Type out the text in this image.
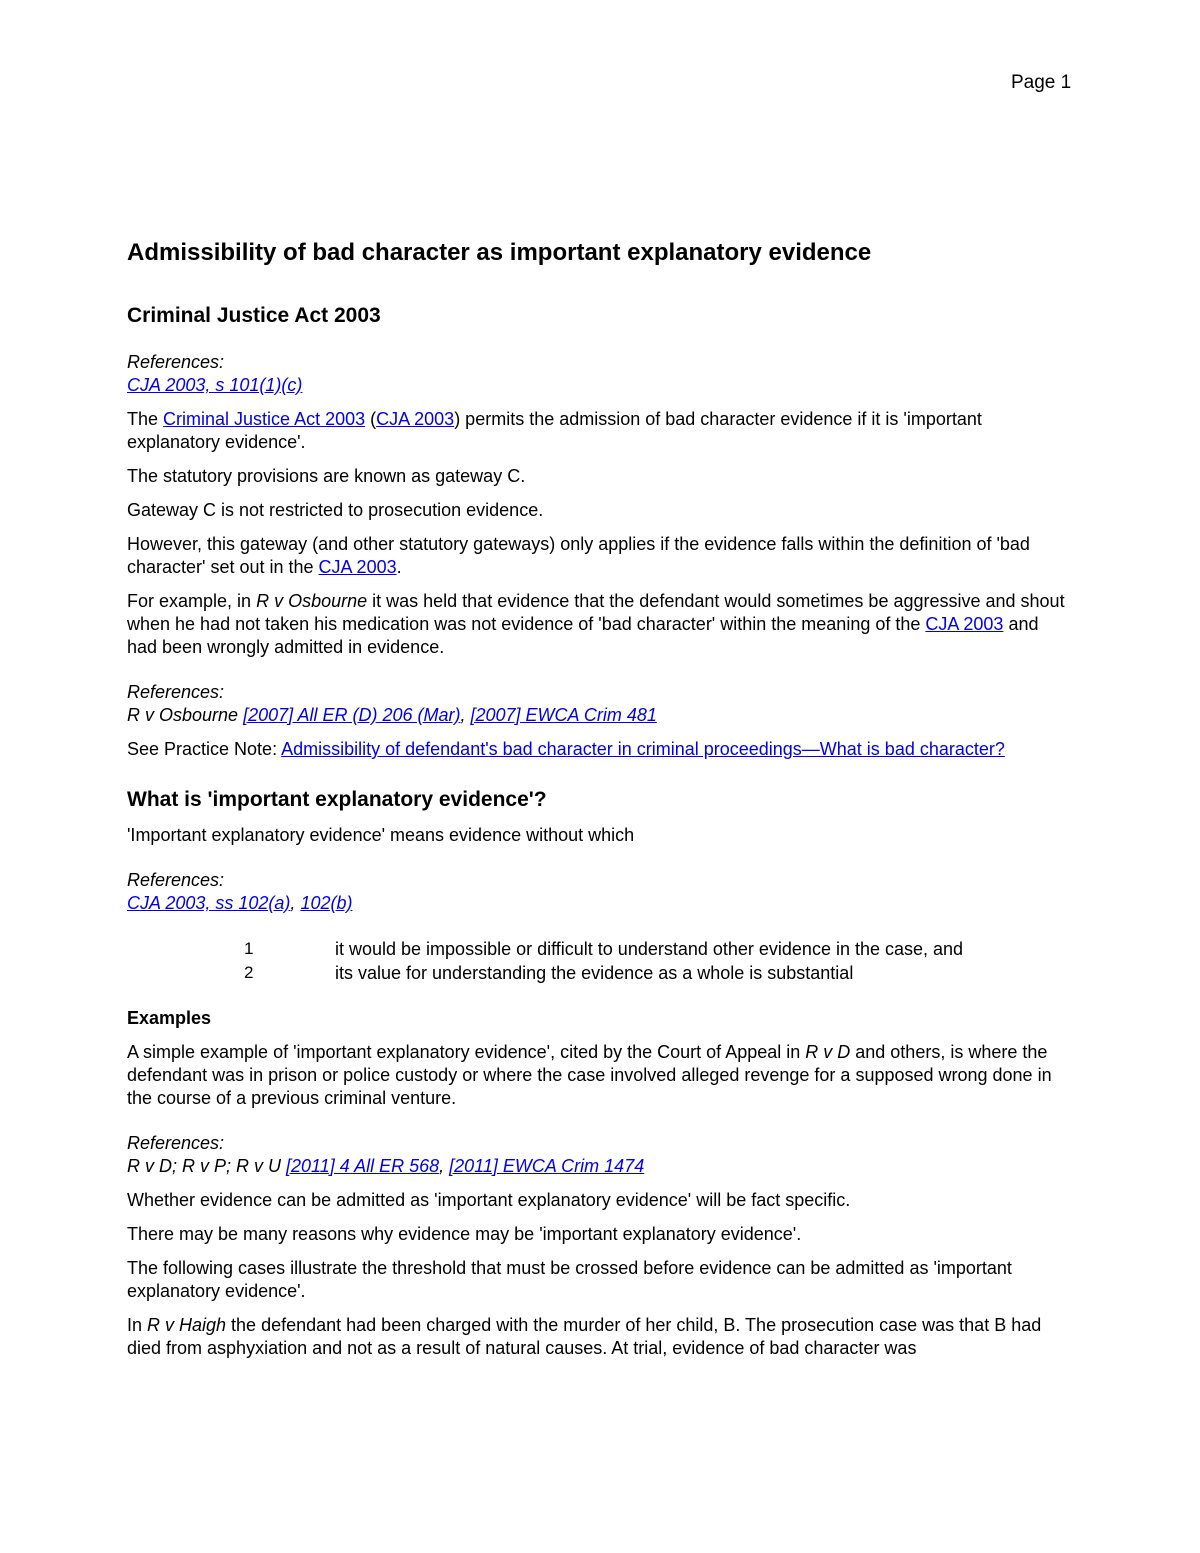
Page 1
Admissibility of bad character as important explanatory evidence
Criminal Justice Act 2003
References:
CJA 2003, s 101(1)(c)

The Criminal Justice Act 2003 (CJA 2003) permits the admission of bad character evidence if it is 'important explanatory evidence'.

The statutory provisions are known as gateway C.

Gateway C is not restricted to prosecution evidence.

However, this gateway (and other statutory gateways) only applies if the evidence falls within the definition of 'bad character' set out in the CJA 2003.

For example, in R v Osbourne it was held that evidence that the defendant would sometimes be aggressive and shout when he had not taken his medication was not evidence of 'bad character' within the meaning of the CJA 2003 and had been wrongly admitted in evidence.

References:
R v Osbourne [2007] All ER (D) 206 (Mar), [2007] EWCA Crim 481

See Practice Note: Admissibility of defendant's bad character in criminal proceedings—What is bad character?

What is 'important explanatory evidence'?

'Important explanatory evidence' means evidence without which

References:
CJA 2003, ss 102(a), 102(b)
1	it would be impossible or difficult to understand other evidence in the case, and
2	its value for understanding the evidence as a whole is substantial
Examples

A simple example of 'important explanatory evidence', cited by the Court of Appeal in R v D and others, is where the defendant was in prison or police custody or where the case involved alleged revenge for a supposed wrong done in the course of a previous criminal venture.

References:
R v D; R v P; R v U [2011] 4 All ER 568, [2011] EWCA Crim 1474

Whether evidence can be admitted as 'important explanatory evidence' will be fact specific.

There may be many reasons why evidence may be 'important explanatory evidence'.

The following cases illustrate the threshold that must be crossed before evidence can be admitted as 'important explanatory evidence'.

In R v Haigh the defendant had been charged with the murder of her child, B. The prosecution case was that B had died from asphyxiation and not as a result of natural causes. At trial, evidence of bad character was
